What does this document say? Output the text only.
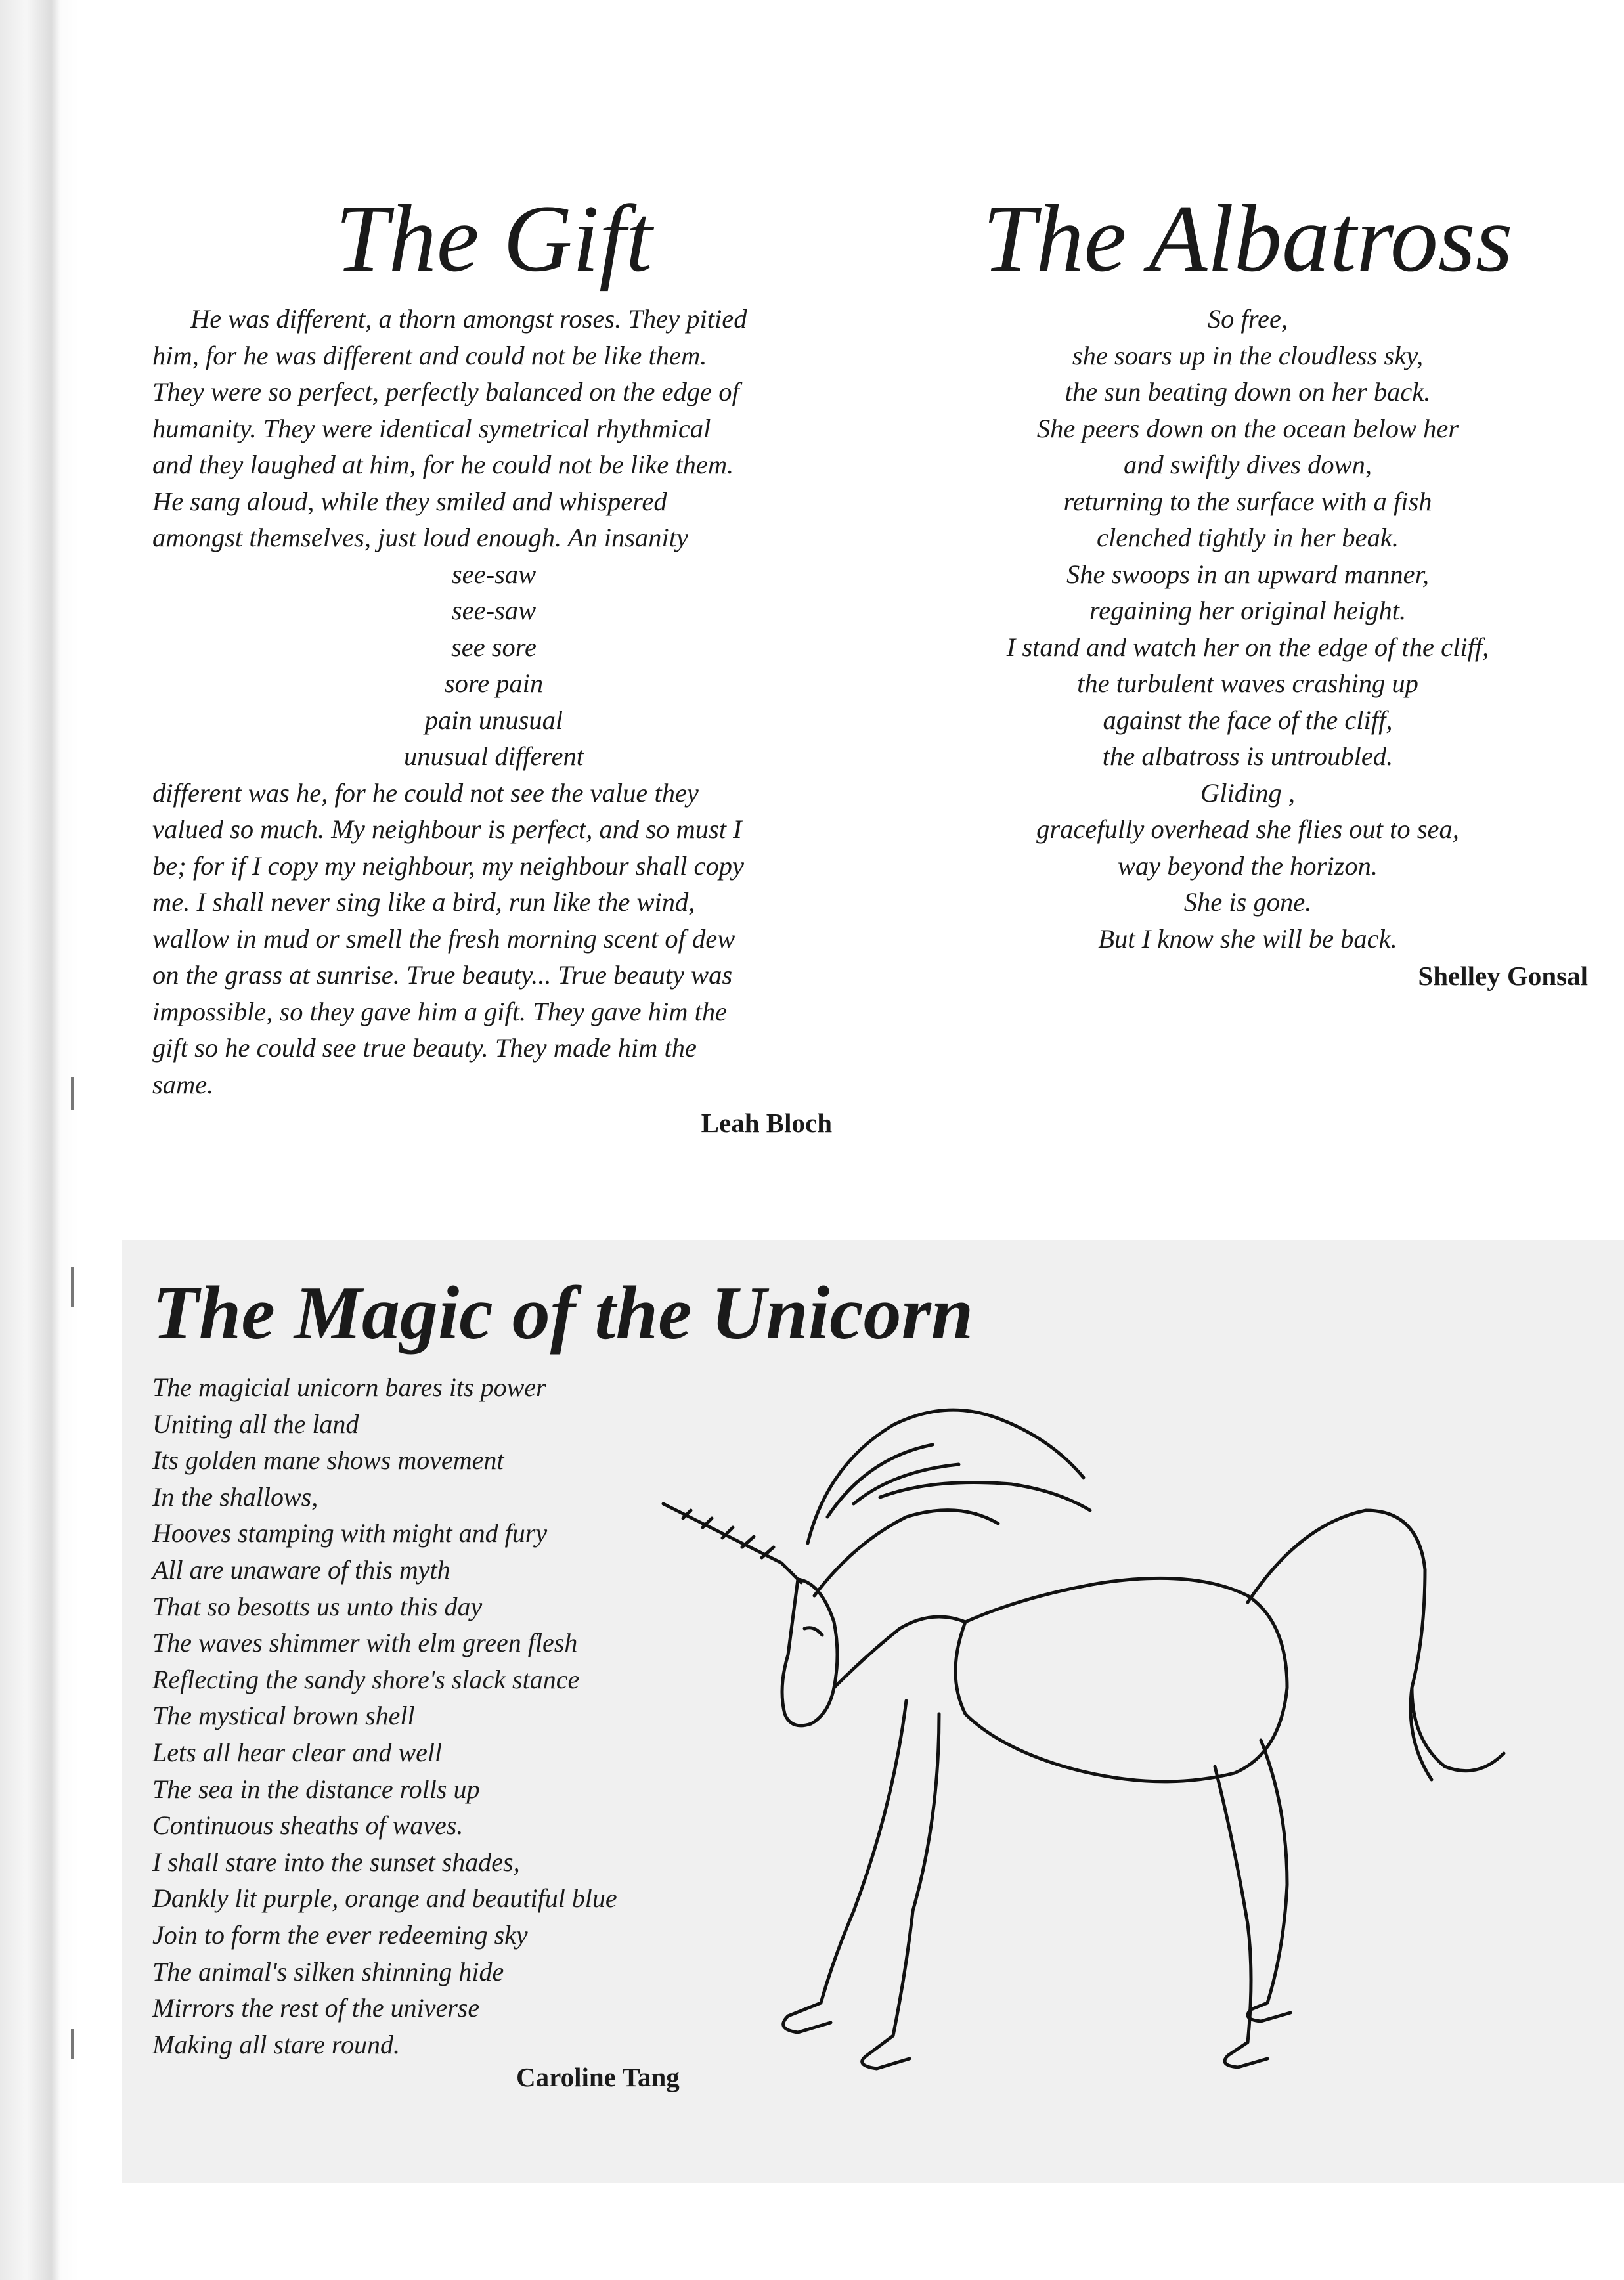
The Gift
He was different, a thorn amongst roses. They pitied
him, for he was different and could not be like them.
They were so perfect, perfectly balanced on the edge of
humanity. They were identical symetrical rhythmical
and they laughed at him, for he could not be like them.
He sang aloud, while they smiled and whispered
amongst themselves, just loud enough. An insanity
see-saw
see-saw
see sore
sore pain
pain unusual
unusual different
different was he, for he could not see the value they
valued so much. My neighbour is perfect, and so must I
be; for if I copy my neighbour, my neighbour shall copy
me. I shall never sing like a bird, run like the wind,
wallow in mud or smell the fresh morning scent of dew
on the grass at sunrise. True beauty... True beauty was
impossible, so they gave him a gift. They gave him the
gift so he could see true beauty. They made him the
same.
Leah Bloch
The Albatross
So free,
she soars up in the cloudless sky,
the sun beating down on her back.
She peers down on the ocean below her
and swiftly dives down,
returning to the surface with a fish
clenched tightly in her beak.
She swoops in an upward manner,
regaining her original height.
I stand and watch her on the edge of the cliff,
the turbulent waves crashing up
against the face of the cliff,
the albatross is untroubled.
Gliding ,
gracefully overhead she flies out to sea,
way beyond the horizon.
She is gone.
But I know she will be back.
Shelley Gonsal
The Magic of the Unicorn
The magicial unicorn bares its power
Uniting all the land
Its golden mane shows movement
In the shallows,
Hooves stamping with might and fury
All are unaware of this myth
That so besotts us unto this day
The waves shimmer with elm green flesh
Reflecting the sandy shore's slack stance
The mystical brown shell
Lets all hear clear and well
The sea in the distance rolls up
Continuous sheaths of waves.
I shall stare into the sunset shades,
Dankly lit purple, orange and beautiful blue
Join to form the ever redeeming sky
The animal's silken shinning hide
Mirrors the rest of the universe
Making all stare round.
Caroline Tang
